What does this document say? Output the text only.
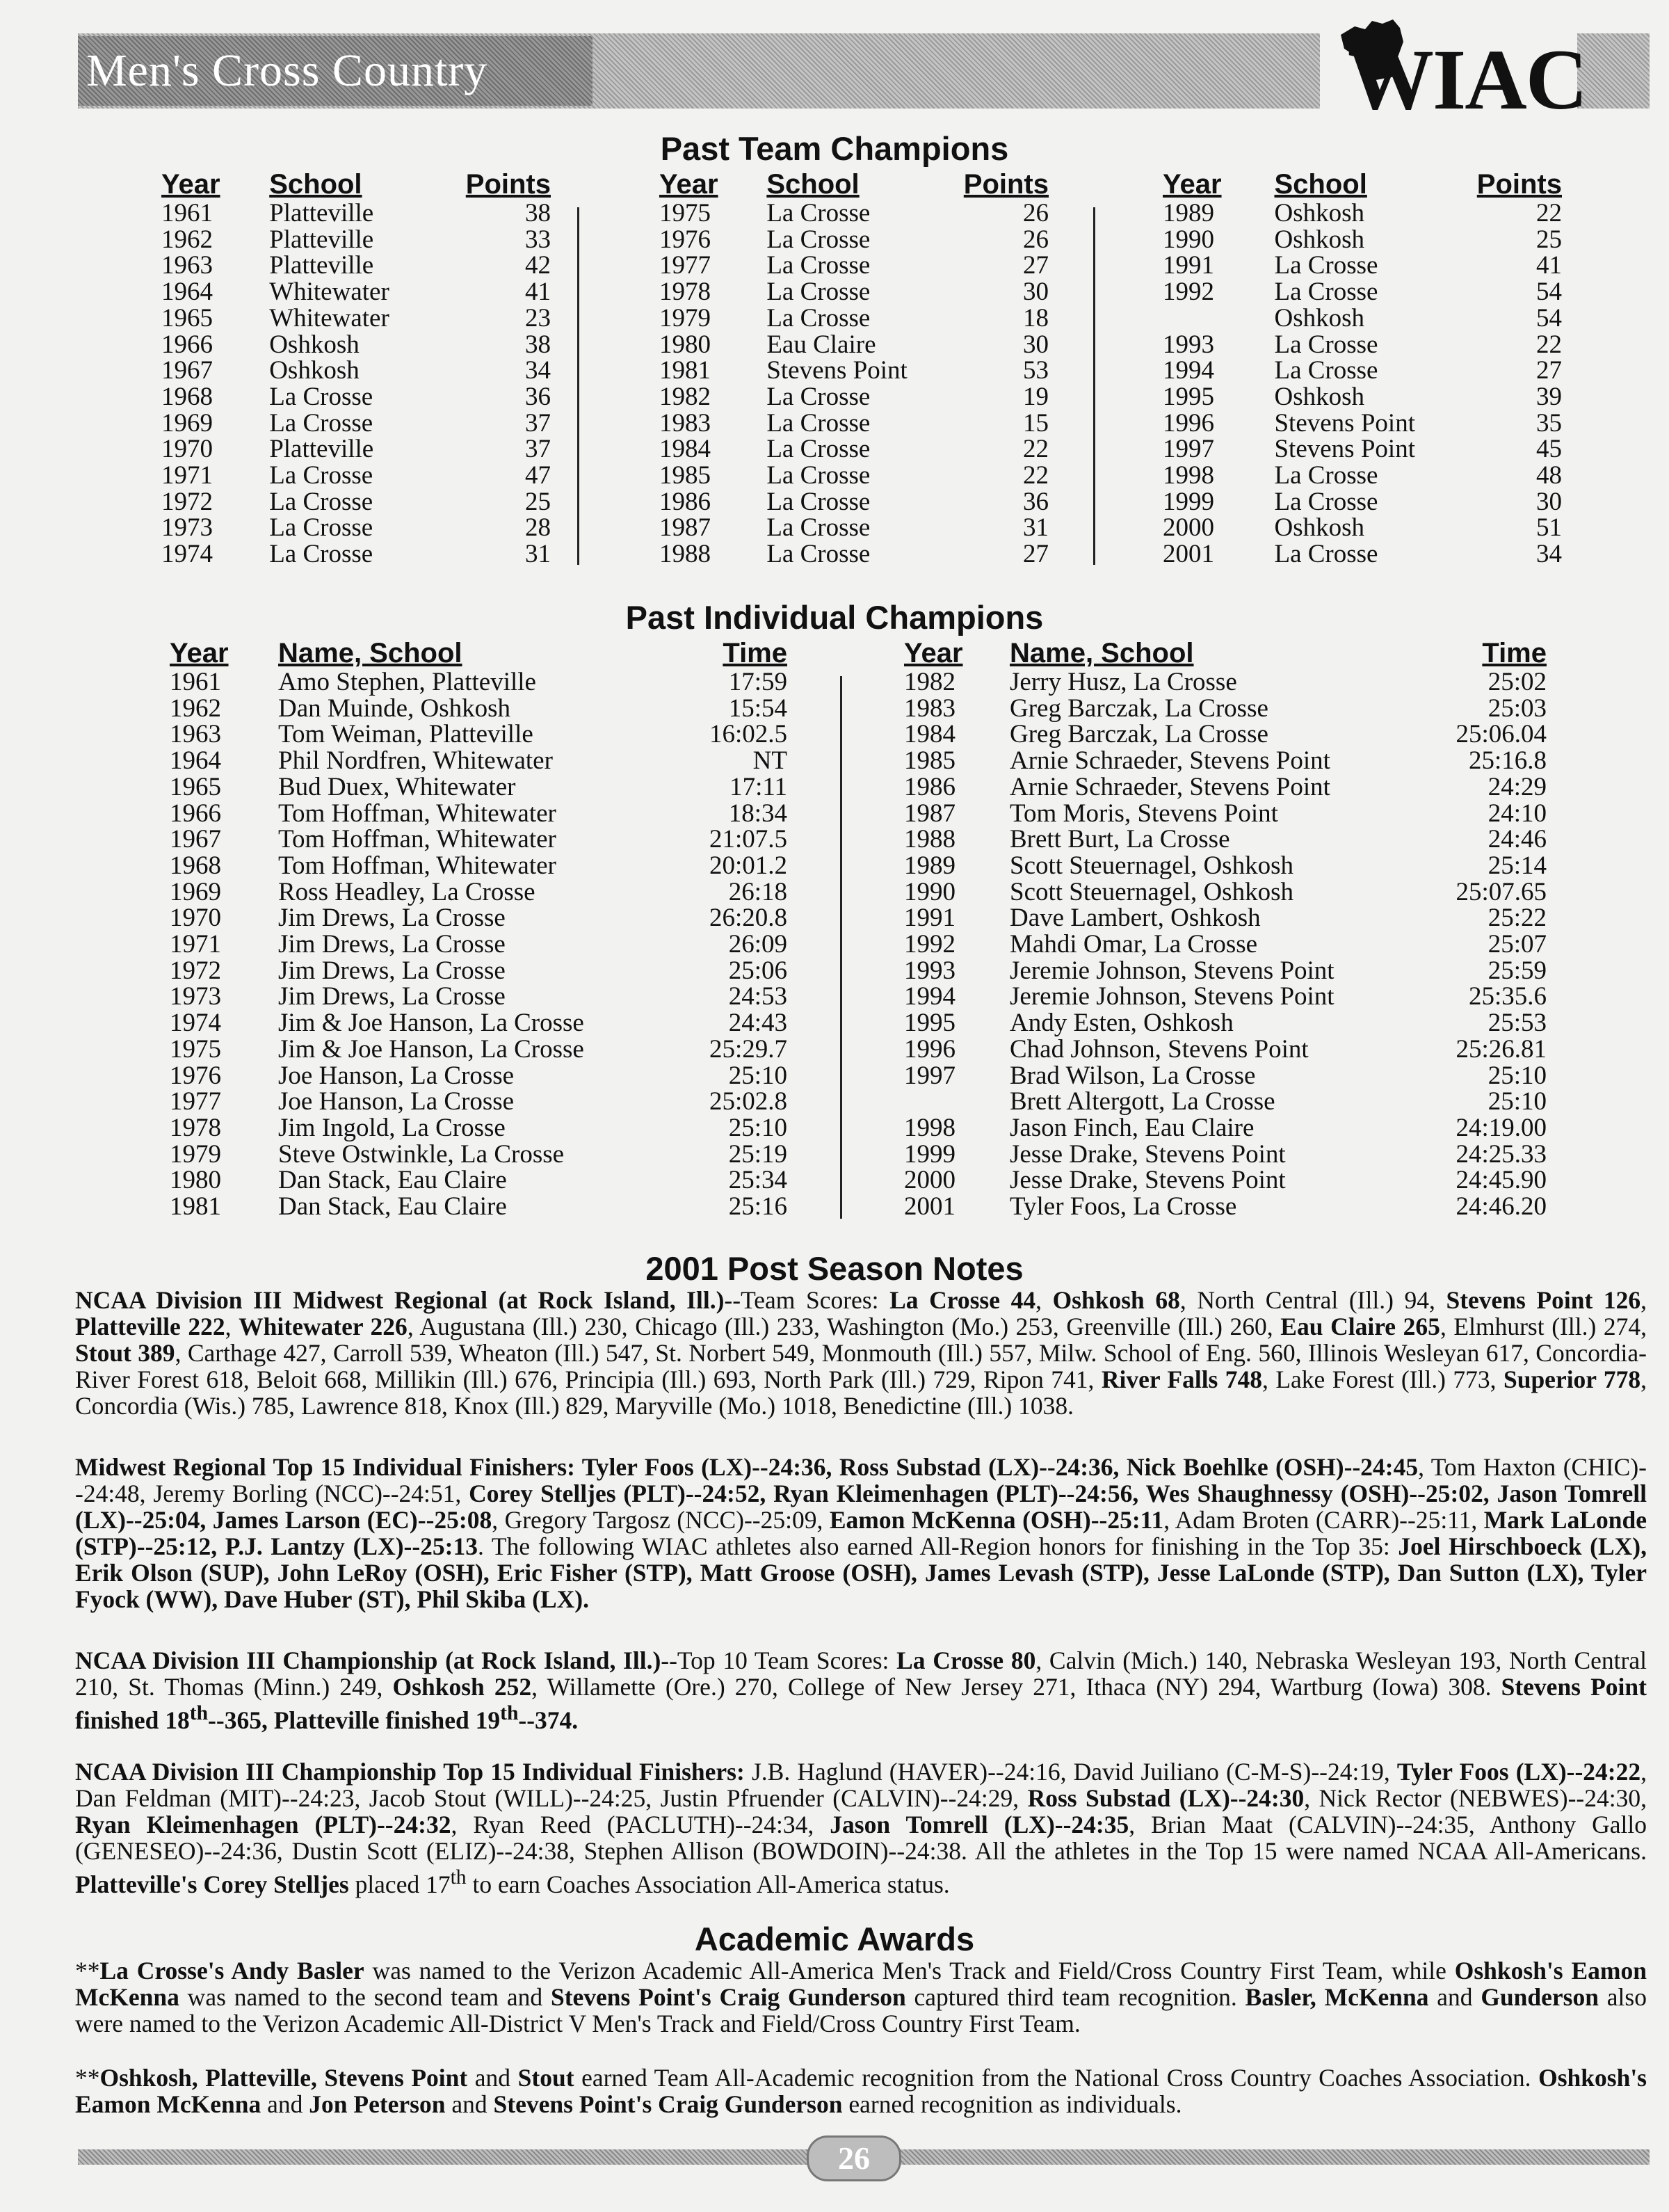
Men's Cross Country	WIAC
Past Team Champions
Year	School	Points
1961	Platteville	38
1962	Platteville	33
1963	Platteville	42
1964	Whitewater	41
1965	Whitewater	23
1966	Oshkosh	38
1967	Oshkosh	34
1968	La Crosse	36
1969	La Crosse	37
1970	Platteville	37
1971	La Crosse	47
1972	La Crosse	25
1973	La Crosse	28
1974	La Crosse	31
Year	School	Points
1975	La Crosse	26
1976	La Crosse	26
1977	La Crosse	27
1978	La Crosse	30
1979	La Crosse	18
1980	Eau Claire	30
1981	Stevens Point	53
1982	La Crosse	19
1983	La Crosse	15
1984	La Crosse	22
1985	La Crosse	22
1986	La Crosse	36
1987	La Crosse	31
1988	La Crosse	27
Year	School	Points
1989	Oshkosh	22
1990	Oshkosh	25
1991	La Crosse	41
1992	La Crosse	54
	Oshkosh	54
1993	La Crosse	22
1994	La Crosse	27
1995	Oshkosh	39
1996	Stevens Point	35
1997	Stevens Point	45
1998	La Crosse	48
1999	La Crosse	30
2000	Oshkosh	51
2001	La Crosse	34
Past Individual Champions
Year	Name, School	Time
1961	Amo Stephen, Platteville	17:59
1962	Dan Muinde, Oshkosh	15:54
1963	Tom Weiman, Platteville	16:02.5
1964	Phil Nordfren, Whitewater	NT
1965	Bud Duex, Whitewater	17:11
1966	Tom Hoffman, Whitewater	18:34
1967	Tom Hoffman, Whitewater	21:07.5
1968	Tom Hoffman, Whitewater	20:01.2
1969	Ross Headley, La Crosse	26:18
1970	Jim Drews, La Crosse	26:20.8
1971	Jim Drews, La Crosse	26:09
1972	Jim Drews, La Crosse	25:06
1973	Jim Drews, La Crosse	24:53
1974	Jim & Joe Hanson, La Crosse	24:43
1975	Jim & Joe Hanson, La Crosse	25:29.7
1976	Joe Hanson, La Crosse	25:10
1977	Joe Hanson, La Crosse	25:02.8
1978	Jim Ingold, La Crosse	25:10
1979	Steve Ostwinkle, La Crosse	25:19
1980	Dan Stack, Eau Claire	25:34
1981	Dan Stack, Eau Claire	25:16
Year	Name, School	Time
1982	Jerry Husz, La Crosse	25:02
1983	Greg Barczak, La Crosse	25:03
1984	Greg Barczak, La Crosse	25:06.04
1985	Arnie Schraeder, Stevens Point	25:16.8
1986	Arnie Schraeder, Stevens Point	24:29
1987	Tom Moris, Stevens Point	24:10
1988	Brett Burt, La Crosse	24:46
1989	Scott Steuernagel, Oshkosh	25:14
1990	Scott Steuernagel, Oshkosh	25:07.65
1991	Dave Lambert, Oshkosh	25:22
1992	Mahdi Omar, La Crosse	25:07
1993	Jeremie Johnson, Stevens Point	25:59
1994	Jeremie Johnson, Stevens Point	25:35.6
1995	Andy Esten, Oshkosh	25:53
1996	Chad Johnson, Stevens Point	25:26.81
1997	Brad Wilson, La Crosse	25:10
	Brett Altergott, La Crosse	25:10
1998	Jason Finch, Eau Claire	24:19.00
1999	Jesse Drake, Stevens Point	24:25.33
2000	Jesse Drake, Stevens Point	24:45.90
2001	Tyler Foos, La Crosse	24:46.20
2001 Post Season Notes

NCAA Division III Midwest Regional (at Rock Island, Ill.)--Team Scores: La Crosse 44, Oshkosh 68, North Central (Ill.) 94, Stevens Point 126, Platteville 222, Whitewater 226, Augustana (Ill.) 230, Chicago (Ill.) 233, Washington (Mo.) 253, Greenville (Ill.) 260, Eau Claire 265, Elmhurst (Ill.) 274, Stout 389, Carthage 427, Carroll 539, Wheaton (Ill.) 547, St. Norbert 549, Monmouth (Ill.) 557, Milw. School of Eng. 560, Illinois Wesleyan 617, Concordia-River Forest 618, Beloit 668, Millikin (Ill.) 676, Principia (Ill.) 693, North Park (Ill.) 729, Ripon 741, River Falls 748, Lake Forest (Ill.) 773, Superior 778, Concordia (Wis.) 785, Lawrence 818, Knox (Ill.) 829, Maryville (Mo.) 1018, Benedictine (Ill.) 1038.

Midwest Regional Top 15 Individual Finishers: Tyler Foos (LX)--24:36, Ross Substad (LX)--24:36, Nick Boehlke (OSH)--24:45, Tom Haxton (CHIC)--24:48, Jeremy Borling (NCC)--24:51, Corey Stelljes (PLT)--24:52, Ryan Kleimenhagen (PLT)--24:56, Wes Shaughnessy (OSH)--25:02, Jason Tomrell (LX)--25:04, James Larson (EC)--25:08, Gregory Targosz (NCC)--25:09, Eamon McKenna (OSH)--25:11, Adam Broten (CARR)--25:11, Mark LaLonde (STP)--25:12, P.J. Lantzy (LX)--25:13. The following WIAC athletes also earned All-Region honors for finishing in the Top 35: Joel Hirschboeck (LX), Erik Olson (SUP), John LeRoy (OSH), Eric Fisher (STP), Matt Groose (OSH), James Levash (STP), Jesse LaLonde (STP), Dan Sutton (LX), Tyler Fyock (WW), Dave Huber (ST), Phil Skiba (LX).

NCAA Division III Championship (at Rock Island, Ill.)--Top 10 Team Scores: La Crosse 80, Calvin (Mich.) 140, Nebraska Wesleyan 193, North Central 210, St. Thomas (Minn.) 249, Oshkosh 252, Willamette (Ore.) 270, College of New Jersey 271, Ithaca (NY) 294, Wartburg (Iowa) 308. Stevens Point finished 18th--365, Platteville finished 19th--374.

NCAA Division III Championship Top 15 Individual Finishers: J.B. Haglund (HAVER)--24:16, David Juiliano (C-M-S)--24:19, Tyler Foos (LX)--24:22, Dan Feldman (MIT)--24:23, Jacob Stout (WILL)--24:25, Justin Pfruender (CALVIN)--24:29, Ross Substad (LX)--24:30, Nick Rector (NEBWES)--24:30, Ryan Kleimenhagen (PLT)--24:32, Ryan Reed (PACLUTH)--24:34, Jason Tomrell (LX)--24:35, Brian Maat (CALVIN)--24:35, Anthony Gallo (GENESEO)--24:36, Dustin Scott (ELIZ)--24:38, Stephen Allison (BOWDOIN)--24:38. All the athletes in the Top 15 were named NCAA All-Americans. Platteville's Corey Stelljes placed 17th to earn Coaches Association All-America status.

Academic Awards

**La Crosse's Andy Basler was named to the Verizon Academic All-America Men's Track and Field/Cross Country First Team, while Oshkosh's Eamon McKenna was named to the second team and Stevens Point's Craig Gunderson captured third team recognition. Basler, McKenna and Gunderson also were named to the Verizon Academic All-District V Men's Track and Field/Cross Country First Team.

**Oshkosh, Platteville, Stevens Point and Stout earned Team All-Academic recognition from the National Cross Country Coaches Association. Oshkosh's Eamon McKenna and Jon Peterson and Stevens Point's Craig Gunderson earned recognition as individuals.

26
